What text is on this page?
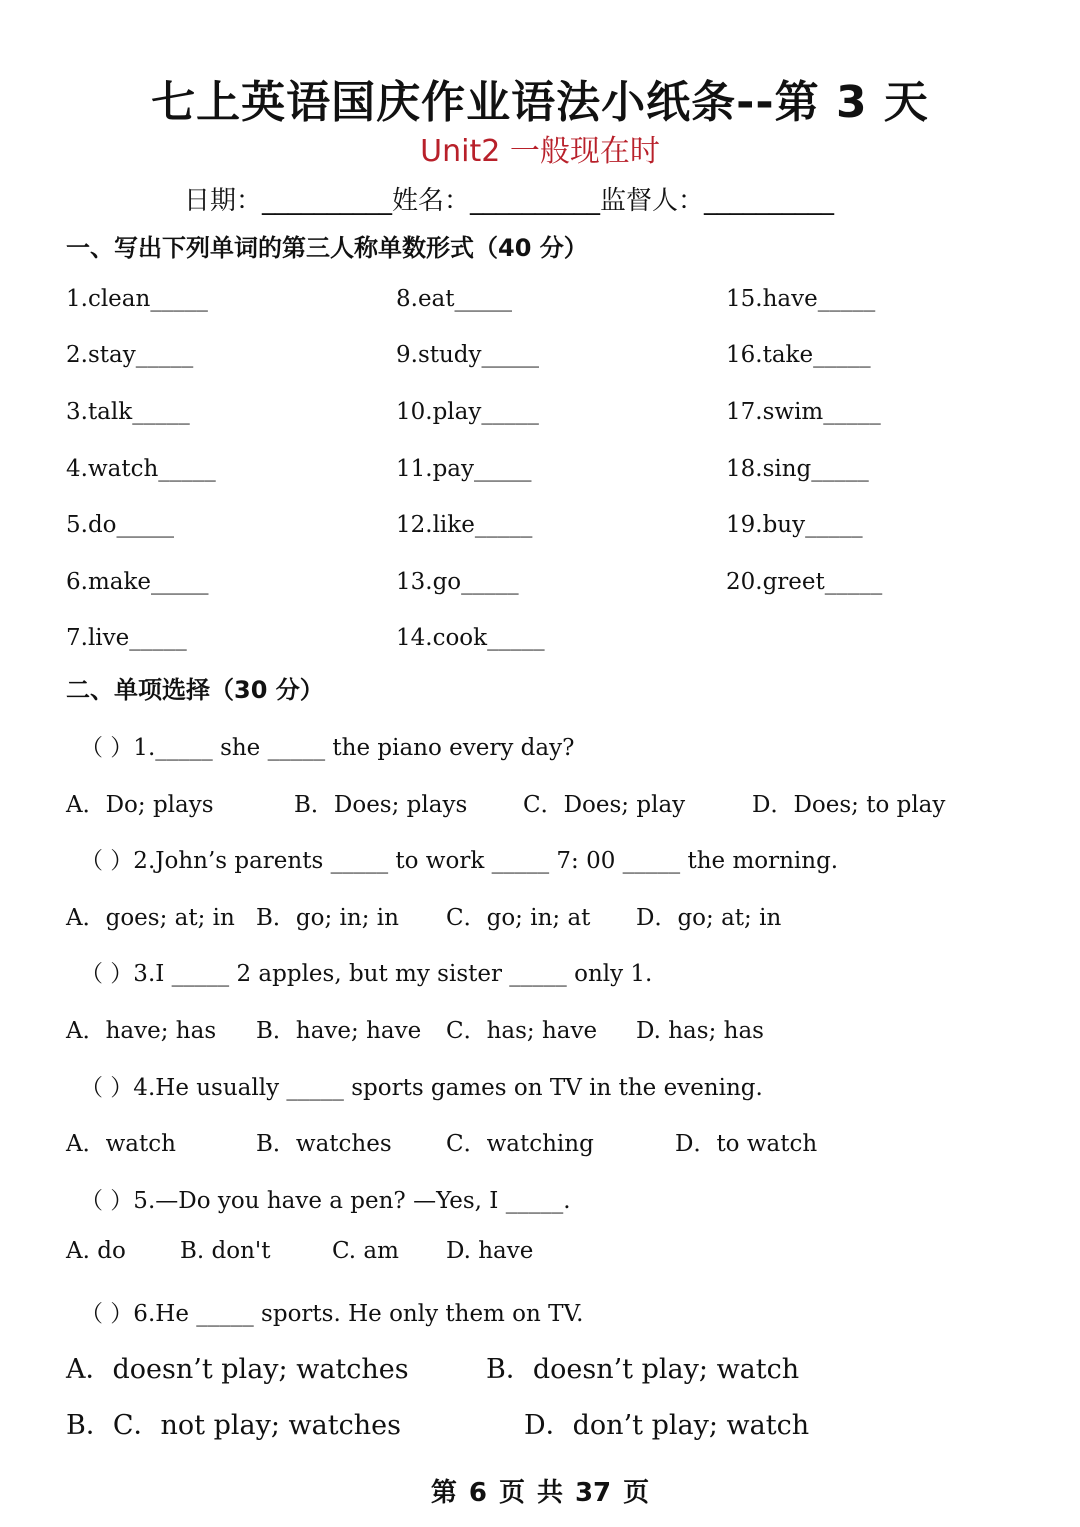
七上英语国庆作业语法小纸条--第 3 天
Unit2 一般现在时
日期：__________姓名：__________监督人：__________
一、写出下列单词的第三人称单数形式（40 分）
1.clean_____
2.stay_____
3.talk_____
4.watch_____
5.do_____
6.make_____
7.live_____
8.eat_____
9.study_____
10.play_____
11.pay_____
12.like_____
13.go_____
14.cook_____
15.have_____
16.take_____
17.swim_____
18.sing_____
19.buy_____
20.greet_____
二、单项选择（30 分）
（ ）1._____ she _____ the piano every day?
A．Do; plays	B．Does; plays C．Does; play	D．Does; to play
（ ）2.John’s parents _____ to work _____ 7: 00 _____ the morning.
A．goes; at; in B．go; in; in C．go; in; at D．go; at; in
（ ）3.I _____ 2 apples, but my sister _____ only 1.
A．have; has B．have; have C．has; have D. has; has
（ ）4.He usually _____ sports games on TV in the evening.
A．watch	B．watches C．watching	D．to watch
（ ）5.—Do you have a pen? —Yes, I _____.
A. do B. don't	C. am D. have
（ ）6.He _____ sports. He only them on TV.
A．doesn’t play; watches	B．doesn’t play; watch
B．C．not play; watches	D．don’t play; watch
第 6 页 共 37 页
